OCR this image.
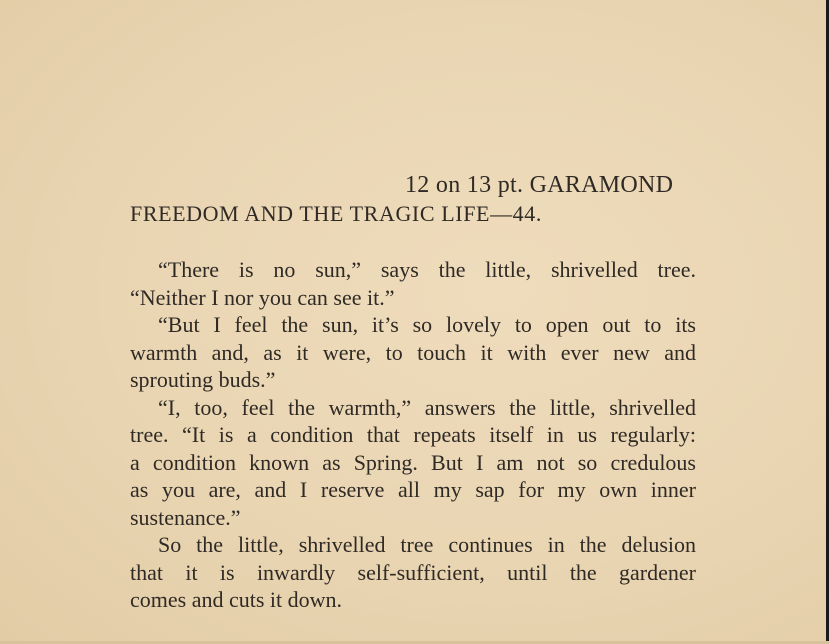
12 on 13 pt. GARAMOND
FREEDOM AND THE TRAGIC LIFE—44.
“There is no sun,” says the little, shrivelled tree.
“Neither I nor you can see it.”
“But I feel the sun, it’s so lovely to open out to its
warmth and, as it were, to touch it with ever new and
sprouting buds.”
“I, too, feel the warmth,” answers the little, shrivelled
tree. “It is a condition that repeats itself in us regularly:
a condition known as Spring. But I am not so credulous
as you are, and I reserve all my sap for my own inner
sustenance.”
So the little, shrivelled tree continues in the delusion
that it is inwardly self-sufficient, until the gardener
comes and cuts it down.
